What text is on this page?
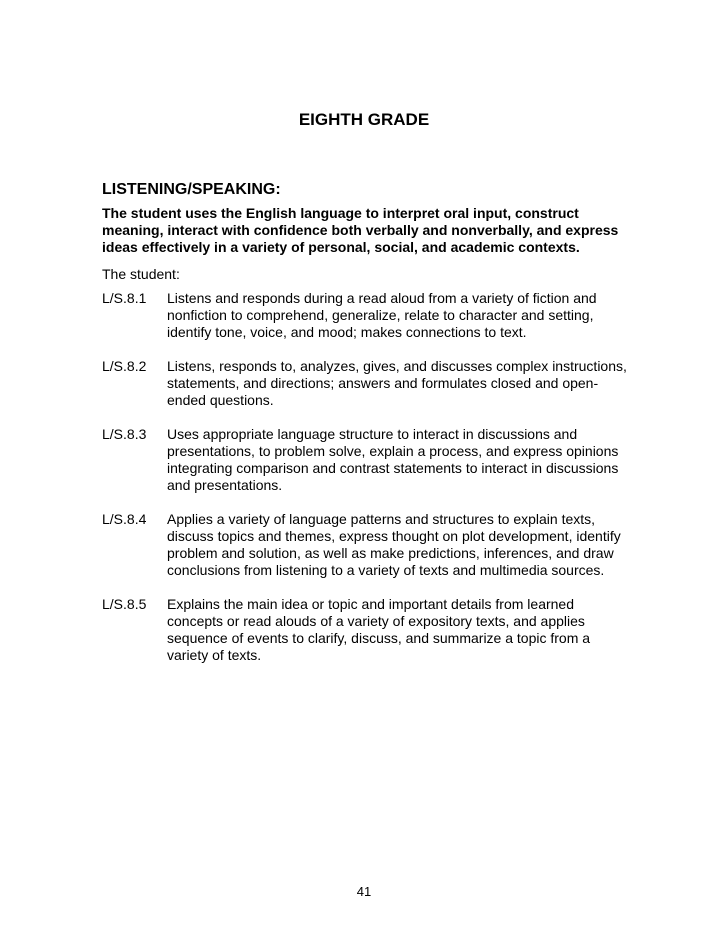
EIGHTH GRADE
LISTENING/SPEAKING:
The student uses the English language to interpret oral input, construct meaning, interact with confidence both verbally and nonverbally, and express ideas effectively in a variety of personal, social, and academic contexts.
The student:
L/S.8.1	Listens and responds during a read aloud from a variety of fiction and nonfiction to comprehend, generalize, relate to character and setting, identify tone, voice, and mood; makes connections to text.
L/S.8.2	Listens, responds to, analyzes, gives, and discusses complex instructions, statements, and directions; answers and formulates closed and open-ended questions.
L/S.8.3	Uses appropriate language structure to interact in discussions and presentations, to problem solve, explain a process, and express opinions integrating comparison and contrast statements to interact in discussions and presentations.
L/S.8.4	Applies a variety of language patterns and structures to explain texts, discuss topics and themes, express thought on plot development, identify problem and solution, as well as make predictions, inferences, and draw conclusions from listening to a variety of texts and multimedia sources.
L/S.8.5	Explains the main idea or topic and important details from learned concepts or read alouds of a variety of expository texts, and applies sequence of events to clarify, discuss, and summarize a topic from a variety of texts.
41
